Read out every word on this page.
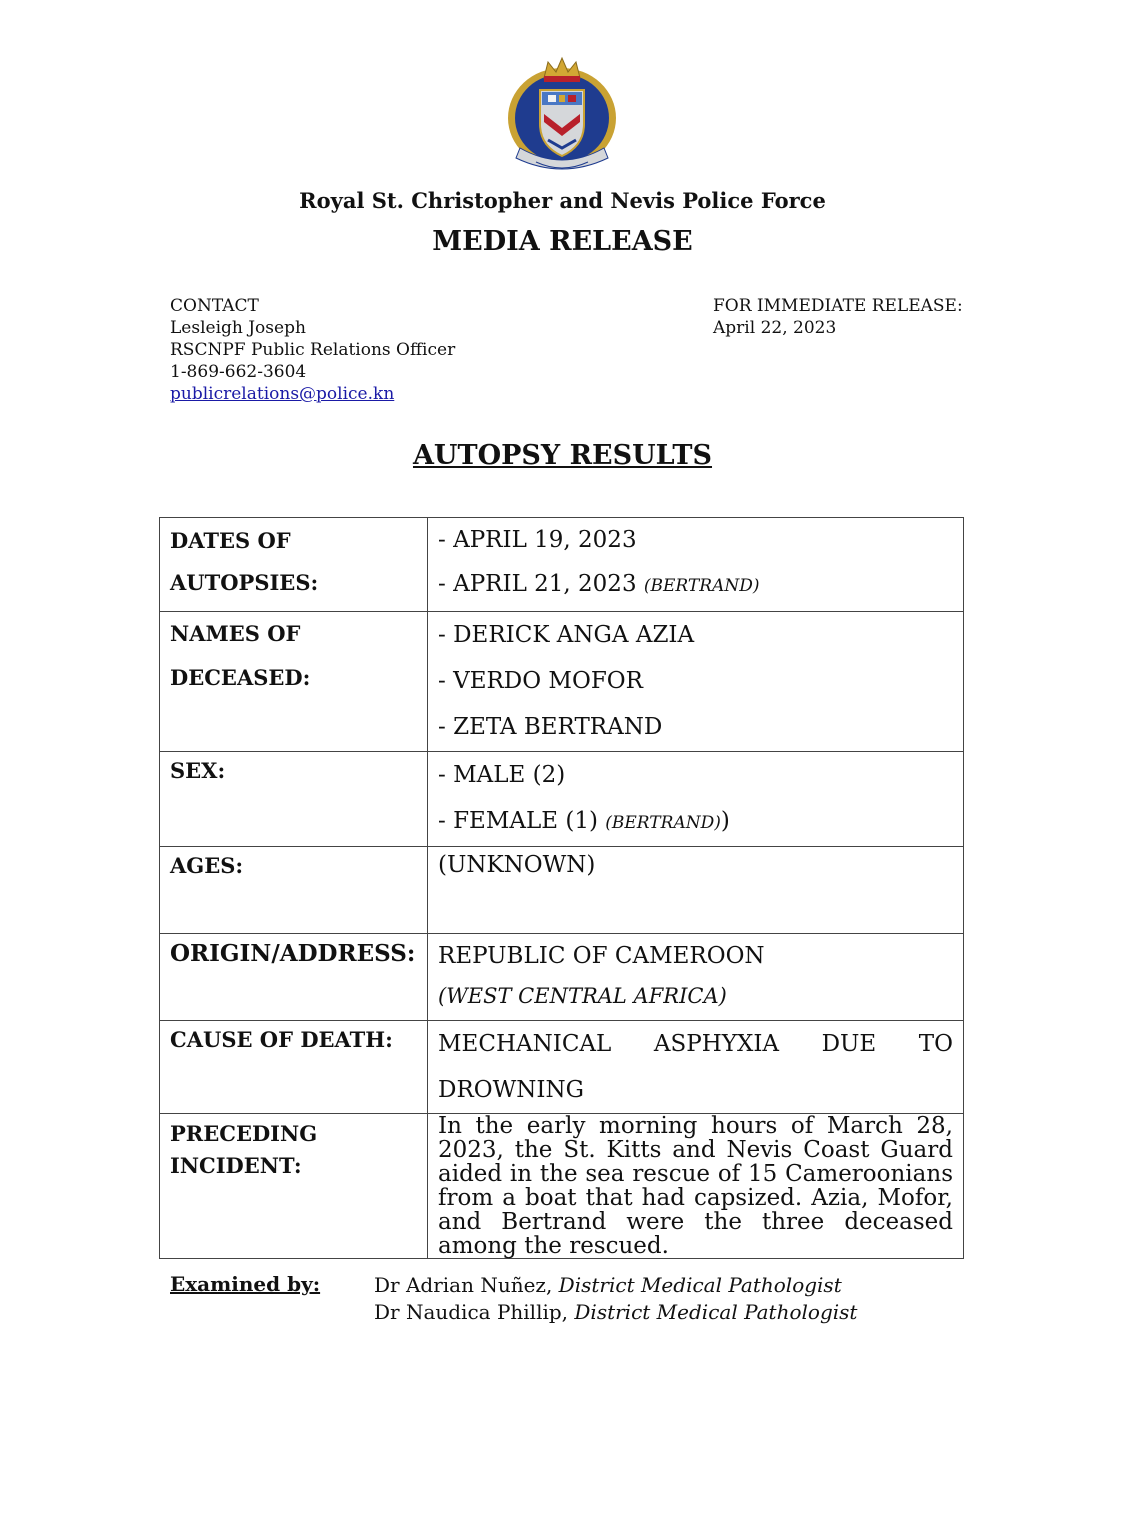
Royal St. Christopher and Nevis Police Force
MEDIA RELEASE
CONTACT
Lesleigh Joseph
RSCNPF Public Relations Officer
1-869-662-3604
publicrelations@police.kn
FOR IMMEDIATE RELEASE:
April 22, 2023
AUTOPSY RESULTS
DATES OF
AUTOPSIES:	- APRIL 19, 2023
- APRIL 21, 2023 (BERTRAND)

NAMES OF
DECEASED:	- DERICK ANGA AZIA
- VERDO MOFOR
- ZETA BERTRAND

SEX:	- MALE (2)
- FEMALE (1) (BERTRAND))

AGES:	(UNKNOWN)

ORIGIN/ADDRESS:	REPUBLIC OF CAMEROON
(WEST CENTRAL AFRICA)

CAUSE OF DEATH:	MECHANICAL ASPHYXIA DUE TO
DROWNING

PRECEDING INCIDENT:	In the early morning hours of March 28, 2023, the St. Kitts and Nevis Coast Guard aided in the sea rescue of 15 Cameroonians from a boat that had capsized. Azia, Mofor, and Bertrand were the three deceased among the rescued.
Examined by:	Dr Adrian Nuñez, District Medical Pathologist
Dr Naudica Phillip, District Medical Pathologist
